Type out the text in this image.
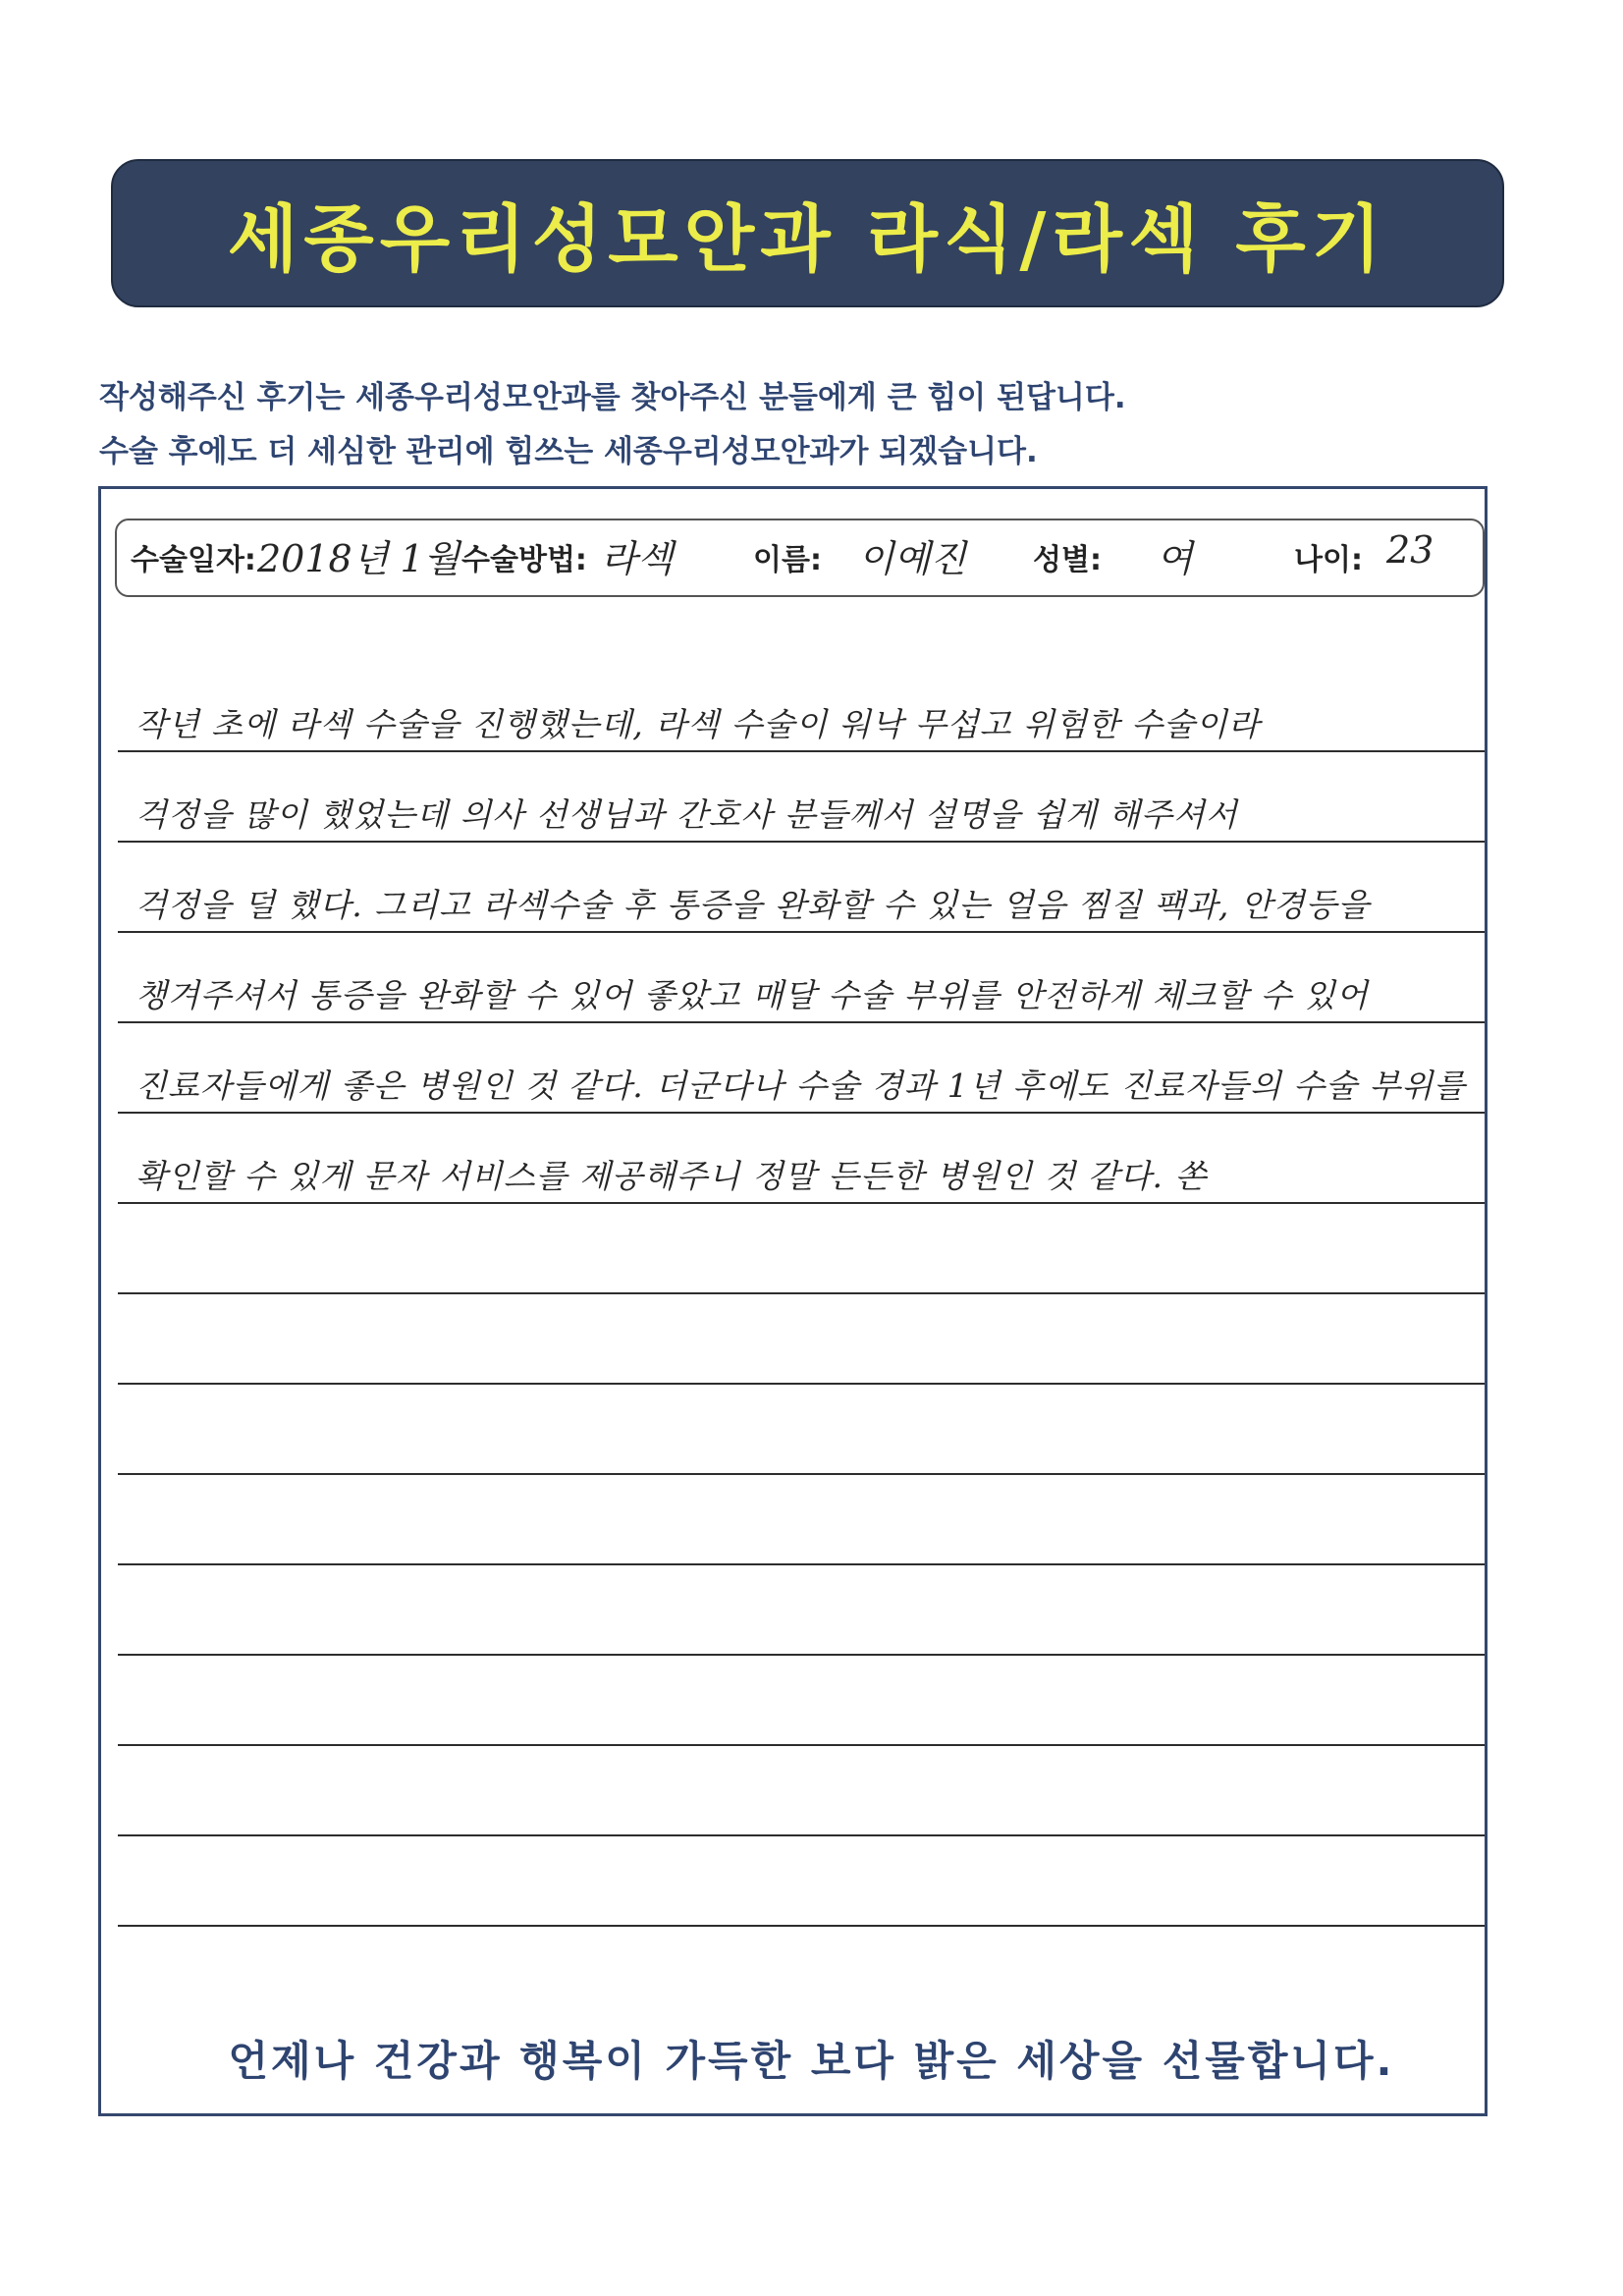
세종우리성모안과 라식/라섹 후기
작성해주신 후기는 세종우리성모안과를 찾아주신 분들에게 큰 힘이 된답니다.
수술 후에도 더 세심한 관리에 힘쓰는 세종우리성모안과가 되겠습니다.
수술일자: 2018년 1월 수술방법: 라섹	이름: 이예진 성별: 여	나이: 23
작년 초에 라섹 수술을 진행했는데, 라섹 수술이 워낙 무섭고 위험한 수술이라
걱정을 많이 했었는데 의사 선생님과 간호사 분들께서 설명을 쉽게 해주셔서
걱정을 덜 했다. 그리고 라섹수술 후 통증을 완화할 수 있는 얼음 찜질 팩과, 안경등을
챙겨주셔서 통증을 완화할 수 있어 좋았고 매달 수술 부위를 안전하게 체크할 수 있어
진료자들에게 좋은 병원인 것 같다. 더군다나 수술 경과 1년 후에도 진료자들의 수술 부위를
확인할 수 있게 문자 서비스를 제공해주니 정말 든든한 병원인 것 같다. 쏜
언제나 건강과 행복이 가득한 보다 밝은 세상을 선물합니다.
